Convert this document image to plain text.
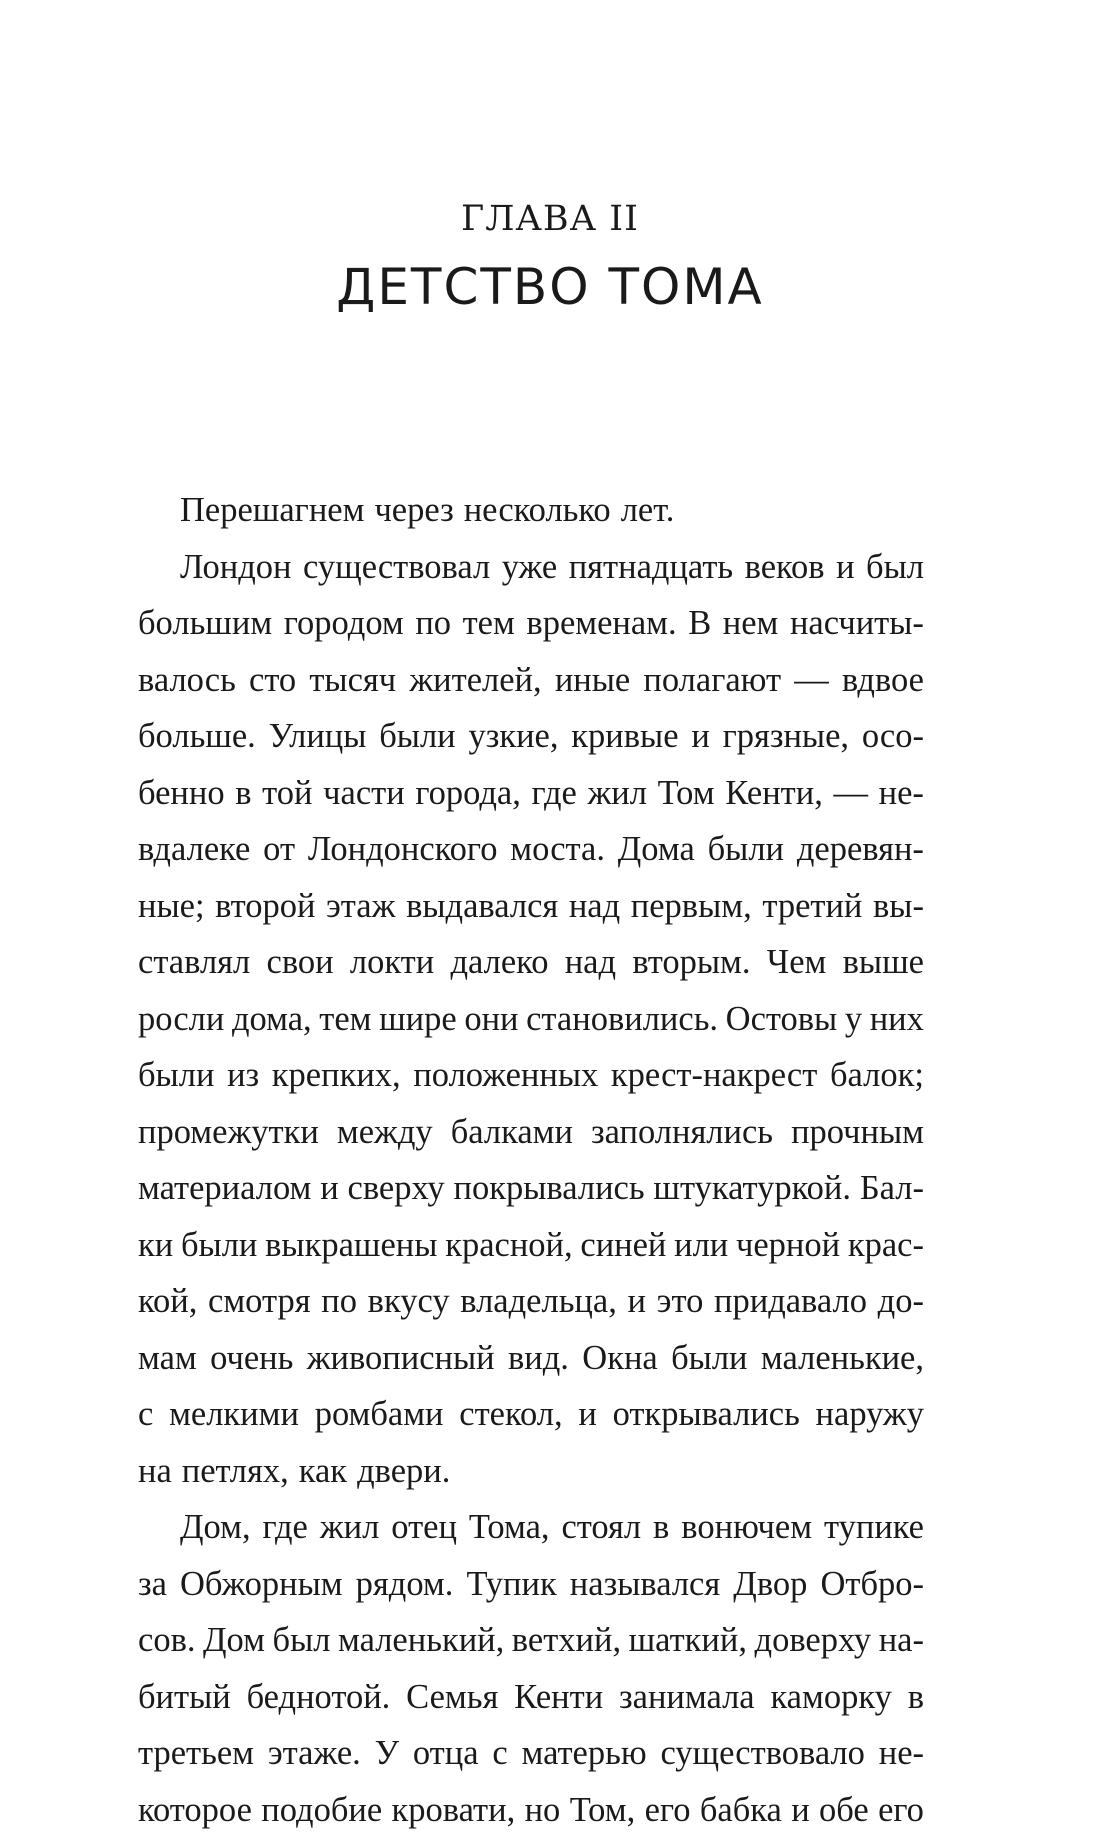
ГЛАВА II
ДЕТСТВО ТОМА
Перешагнем через несколько лет.
Лондон существовал уже пятнадцать веков и был
большим городом по тем временам. В нем насчиты-
валось сто тысяч жителей, иные полагают — вдвое
больше. Улицы были узкие, кривые и грязные, осо-
бенно в той части города, где жил Том Кенти, — не-
вдалеке от Лондонского моста. Дома были деревян-
ные; второй этаж выдавался над первым, третий вы-
ставлял свои локти далеко над вторым. Чем выше
росли дома, тем шире они становились. Остовы у них
были из крепких, положенных крест-накрест балок;
промежутки между балками заполнялись прочным
материалом и сверху покрывались штукатуркой. Бал-
ки были выкрашены красной, синей или черной крас-
кой, смотря по вкусу владельца, и это придавало до-
мам очень живописный вид. Окна были маленькие,
с мелкими ромбами стекол, и открывались наружу
на петлях, как двери.
Дом, где жил отец Тома, стоял в вонючем тупике
за Обжорным рядом. Тупик назывался Двор Отбро-
сов. Дом был маленький, ветхий, шаткий, доверху на-
битый беднотой. Семья Кенти занимала каморку в
третьем этаже. У отца с матерью существовало не-
которое подобие кровати, но Том, его бабка и обе его
